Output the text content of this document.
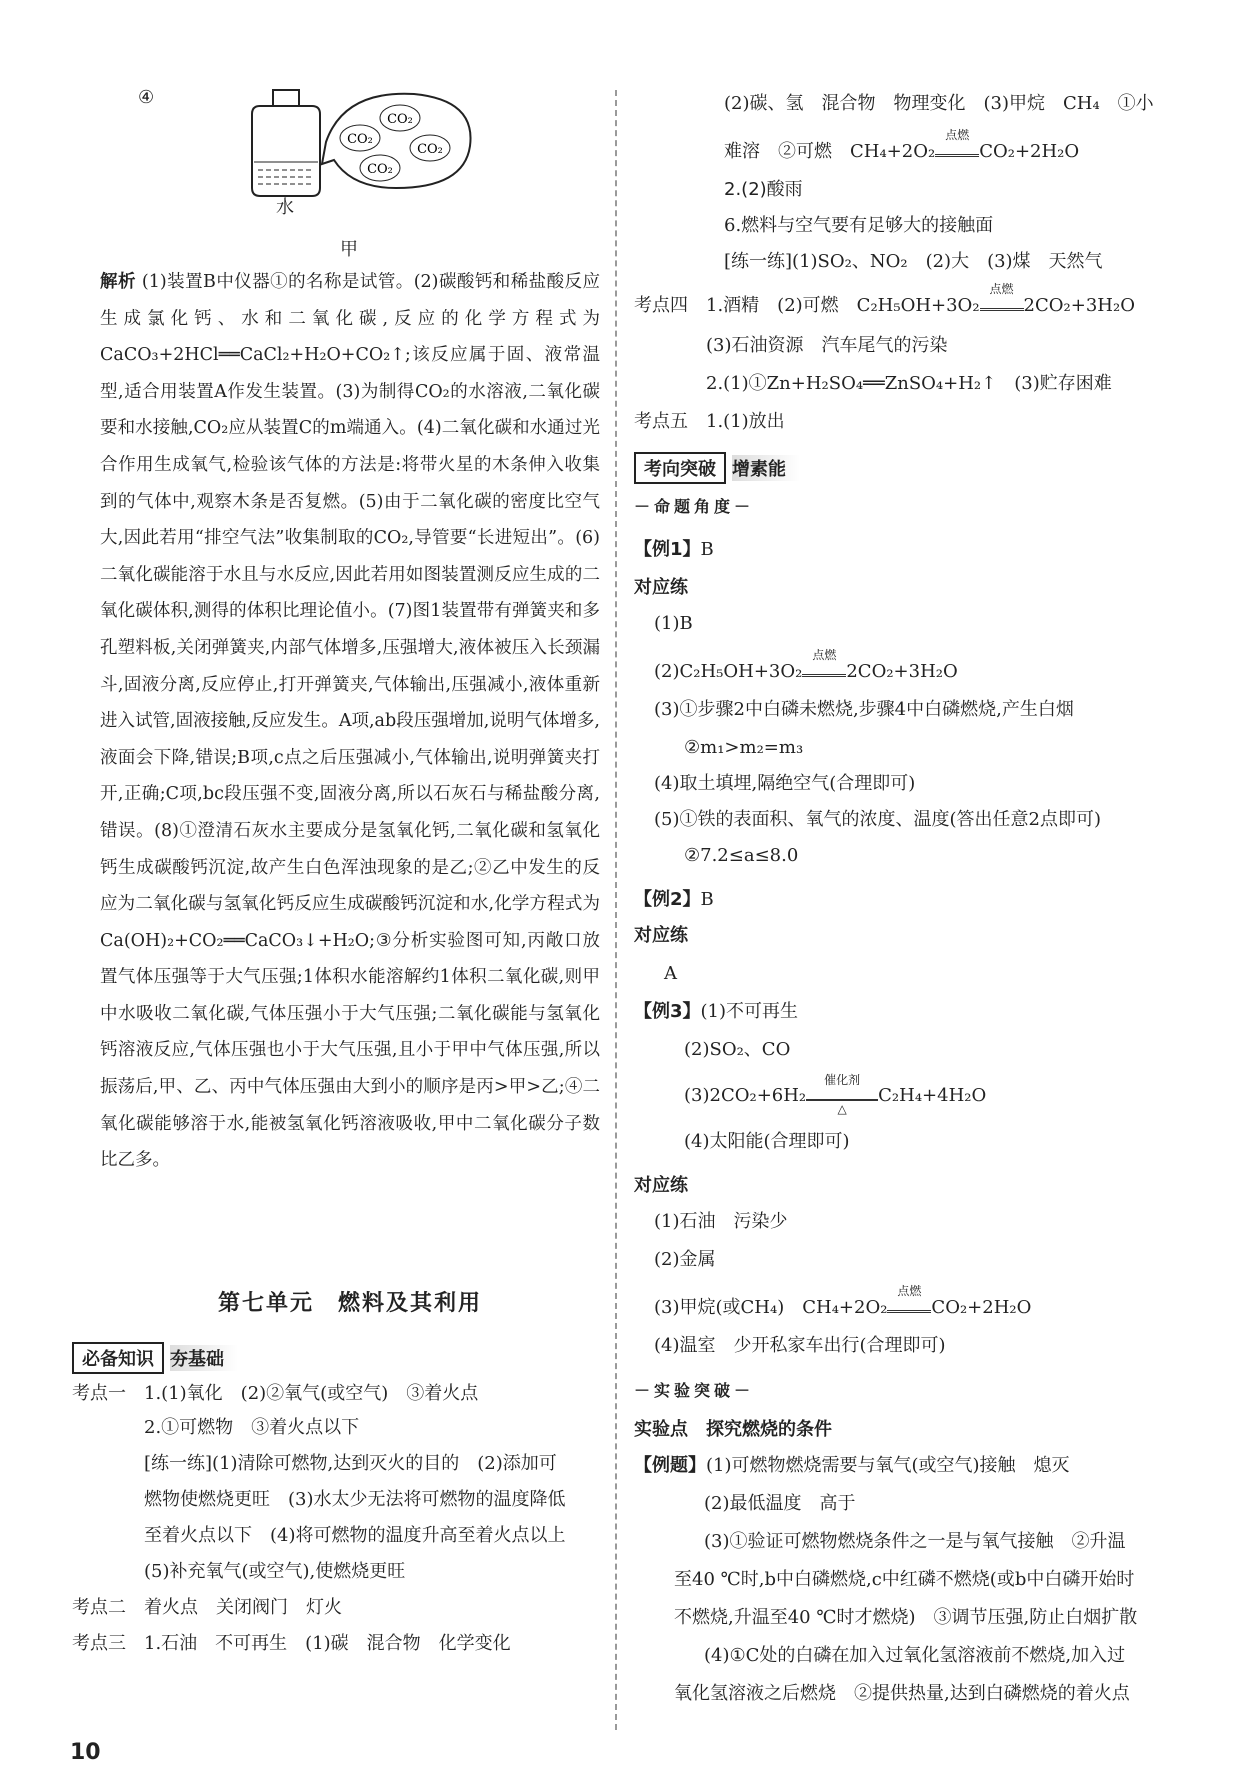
④
CO₂
CO₂
CO₂
CO₂
水
甲
解析 (1)装置B中仪器①的名称是试管。(2)碳酸钙和稀盐酸反应生成氯化钙、水和二氧化碳,反应的化学方程式为CaCO₃+2HCl══CaCl₂+H₂O+CO₂↑;该反应属于固、液常温型,适合用装置A作发生装置。(3)为制得CO₂的水溶液,二氧化碳要和水接触,CO₂应从装置C的m端通入。(4)二氧化碳和水通过光合作用生成氧气,检验该气体的方法是:将带火星的木条伸入收集到的气体中,观察木条是否复燃。(5)由于二氧化碳的密度比空气大,因此若用“排空气法”收集制取的CO₂,导管要“长进短出”。(6)二氧化碳能溶于水且与水反应,因此若用如图装置测反应生成的二氧化碳体积,测得的体积比理论值小。(7)图1装置带有弹簧夹和多孔塑料板,关闭弹簧夹,内部气体增多,压强增大,液体被压入长颈漏斗,固液分离,反应停止,打开弹簧夹,气体输出,压强减小,液体重新进入试管,固液接触,反应发生。A项,ab段压强增加,说明气体增多,液面会下降,错误;B项,c点之后压强减小,气体输出,说明弹簧夹打开,正确;C项,bc段压强不变,固液分离,所以石灰石与稀盐酸分离,错误。(8)①澄清石灰水主要成分是氢氧化钙,二氧化碳和氢氧化钙生成碳酸钙沉淀,故产生白色浑浊现象的是乙;②乙中发生的反应为二氧化碳与氢氧化钙反应生成碳酸钙沉淀和水,化学方程式为Ca(OH)₂+CO₂══CaCO₃↓+H₂O;③分析实验图可知,丙敞口放置气体压强等于大气压强;1体积水能溶解约1体积二氧化碳,则甲中水吸收二氧化碳,气体压强小于大气压强;二氧化碳能与氢氧化钙溶液反应,气体压强也小于大气压强,且小于甲中气体压强,所以振荡后,甲、乙、丙中气体压强由大到小的顺序是丙>甲>乙;④二氧化碳能够溶于水,能被氢氧化钙溶液吸收,甲中二氧化碳分子数比乙多。
第七单元　燃料及其利用
必备知识 夯基础
考点一　1.(1)氧化　(2)②氧气(或空气)　③着火点
　　　　2.①可燃物　③着火点以下
　　　　[练一练](1)清除可燃物,达到灭火的目的　(2)添加可
　　　　燃物使燃烧更旺　(3)水太少无法将可燃物的温度降低
　　　　至着火点以下　(4)将可燃物的温度升高至着火点以上
　　　　(5)补充氧气(或空气),使燃烧更旺
考点二　着火点　关闭阀门　灯火
考点三　1.石油　不可再生　(1)碳　混合物　化学变化
(2)碳、氢　混合物　物理变化　(3)甲烷　CH₄　①小
难溶　②可燃　CH₄+2O₂
点燃
CO₂+2H₂O
2.(2)酸雨
6.燃料与空气要有足够大的接触面
[练一练](1)SO₂、NO₂　(2)大　(3)煤　天然气
考点四　1.酒精　(2)可燃　C₂H₅OH+3O₂
点燃
2CO₂+3H₂O
　　　　(3)石油资源　汽车尾气的污染
　　　　2.(1)①Zn+H₂SO₄══ZnSO₄+H₂↑　(3)贮存困难
考点五　1.(1)放出
考向突破 增素能
－命题角度－
【例1】B
对应练
(1)B
(2)C₂H₅OH+3O₂
点燃
2CO₂+3H₂O
(3)①步骤2中白磷未燃烧,步骤4中白磷燃烧,产生白烟
②m₁>m₂=m₃
(4)取土填埋,隔绝空气(合理即可)
(5)①铁的表面积、氧气的浓度、温度(答出任意2点即可)
②7.2≤a≤8.0
【例2】B
对应练
A
【例3】(1)不可再生
(2)SO₂、CO
(3)2CO₂+6H₂
催化剂
△
C₂H₄+4H₂O
(4)太阳能(合理即可)
对应练
(1)石油　污染少
(2)金属
(3)甲烷(或CH₄)　CH₄+2O₂
点燃
CO₂+2H₂O
(4)温室　少开私家车出行(合理即可)
－实验突破－
实验点　探究燃烧的条件
【例题】(1)可燃物燃烧需要与氧气(或空气)接触　熄灭
(2)最低温度　高于
(3)①验证可燃物燃烧条件之一是与氧气接触　②升温
至40 ℃时,b中白磷燃烧,c中红磷不燃烧(或b中白磷开始时
不燃烧,升温至40 ℃时才燃烧)　③调节压强,防止白烟扩散
(4)①C处的白磷在加入过氧化氢溶液前不燃烧,加入过
氧化氢溶液之后燃烧　②提供热量,达到白磷燃烧的着火点
10
